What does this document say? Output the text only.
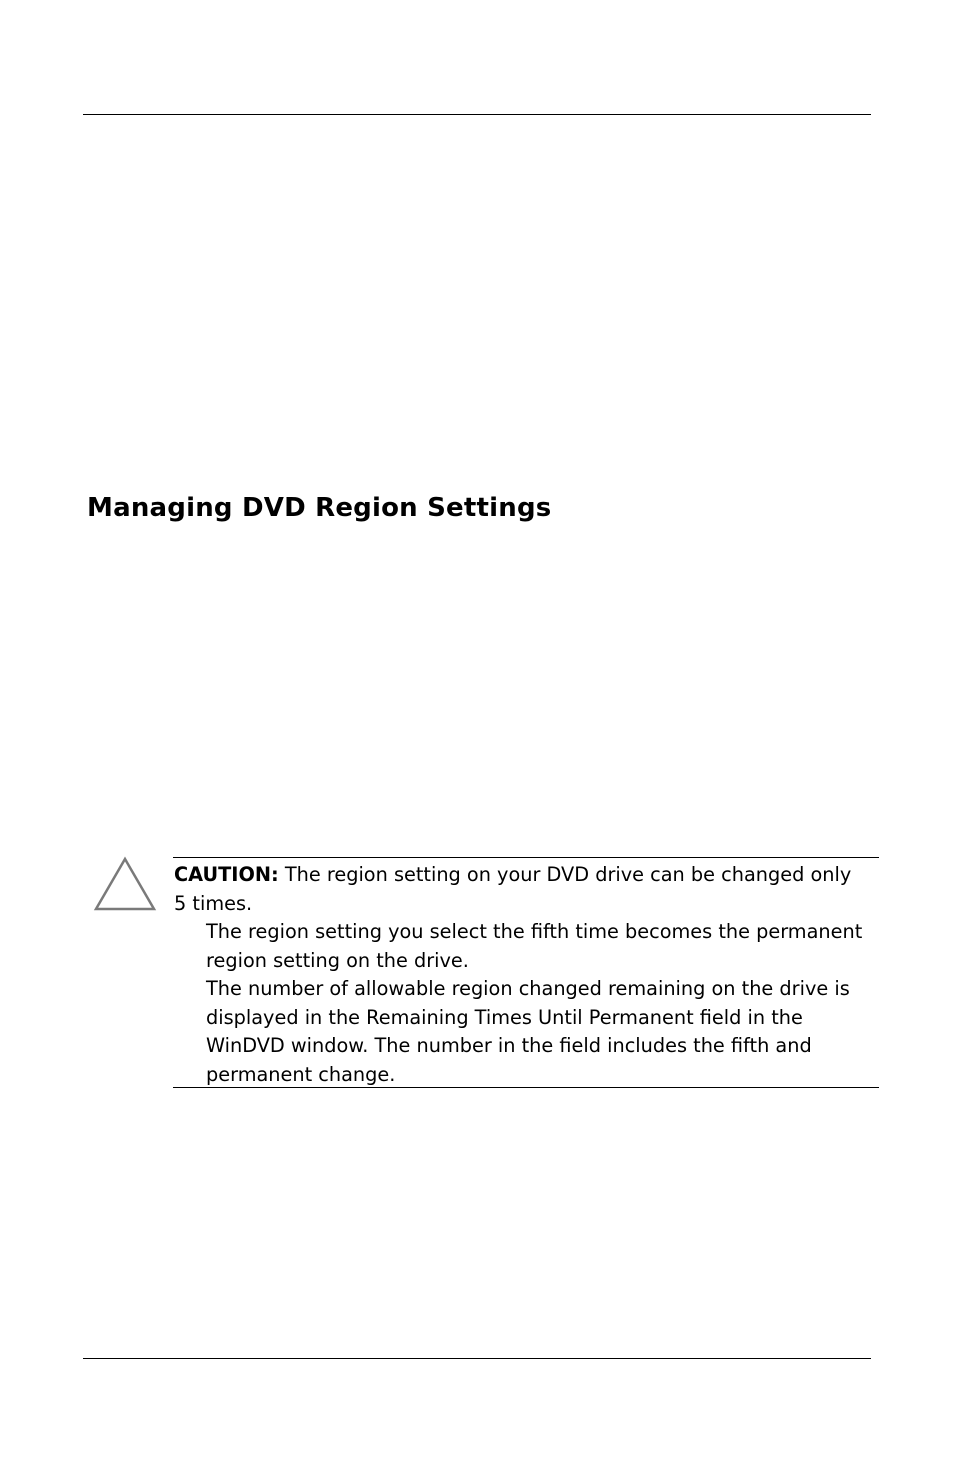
Managing DVD Region Settings

CAUTION: The region setting on your DVD drive can be changed only

5 times.

The region setting you select the fifth time becomes the permanent

region setting on the drive.

The number of allowable region changed remaining on the drive is

displayed in the Remaining Times Until Permanent field in the

WinDVD window. The number in the field includes the fifth and

permanent change.
